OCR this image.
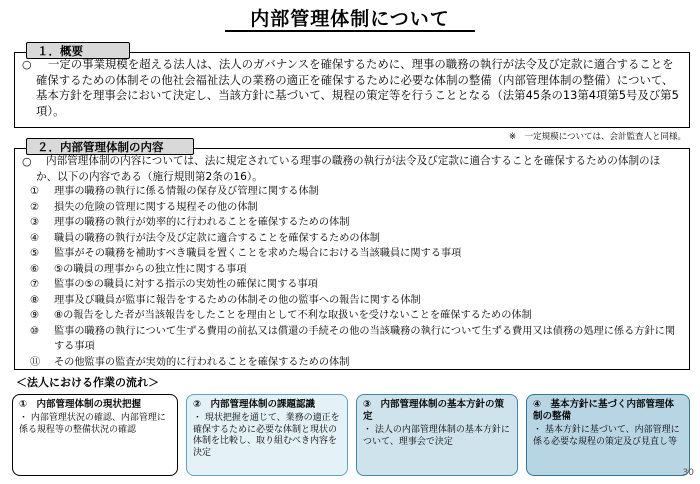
内部管理体制について
１．概要
○	一定の事業規模を超える法人は、法人のガバナンスを確保するために、理事の職務の執行が法令及び定款に適合することを確保するための体制その他社会福祉法人の業務の適正を確保するために必要な体制の整備（内部管理体制の整備）について、基本方針を理事会において決定し、当該方針に基づいて、規程の策定等を行うこととなる（法第45条の13第4項第5号及び第5項）。
※　一定規模については、会計監査人と同様。
２．内部管理体制の内容
○	内部管理体制の内容については、法に規定されている理事の職務の執行が法令及び定款に適合することを確保するための体制のほか、以下の内容である（施行規則第2条の16）。
①	理事の職務の執行に係る情報の保存及び管理に関する体制
②	損失の危険の管理に関する規程その他の体制
③	理事の職務の執行が効率的に行われることを確保するための体制
④	職員の職務の執行が法令及び定款に適合することを確保するための体制
⑤	監事がその職務を補助すべき職員を置くことを求めた場合における当該職員に関する事項
⑥	⑤の職員の理事からの独立性に関する事項
⑦	監事の⑤の職員に対する指示の実効性の確保に関する事項
⑧	理事及び職員が監事に報告をするための体制その他の監事への報告に関する体制
⑨	⑧の報告をした者が当該報告をしたことを理由として不利な取扱いを受けないことを確保するための体制
⑩	監事の職務の執行について生ずる費用の前払又は償還の手続その他の当該職務の執行について生ずる費用又は債務の処理に係る方針に関する事項
⑪	その他監事の監査が実効的に行われることを確保するための体制
＜法人における作業の流れ＞
①　内部管理体制の現状把握
・ 内部管理状況の確認、内部管理に係る規程等の整備状況の確認
②　内部管理体制の課題認識
・ 現状把握を通じて、業務の適正を確保するために必要な体制と現状の体制を比較し、取り組むべき内容を決定
③　内部管理体制の基本方針の策定
・ 法人の内部管理体制の基本方針について、理事会で決定
④　基本方針に基づく内部管理体制の整備
・ 基本方針に基づいて、内部管理に係る必要な規程の策定及び見直し等
30
